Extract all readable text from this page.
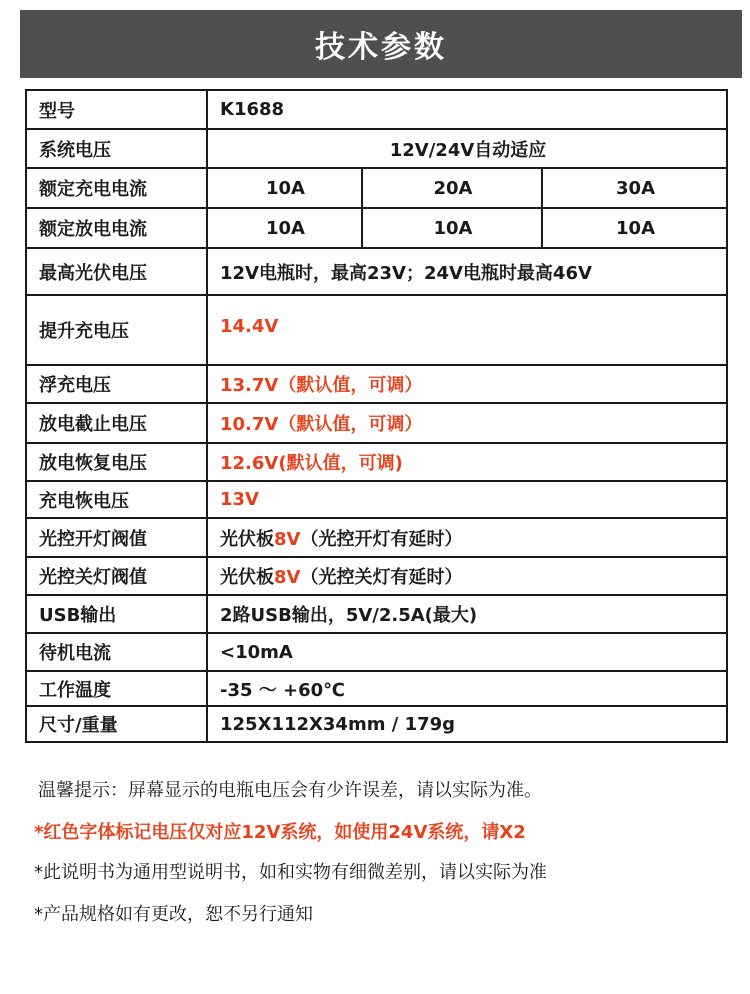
技术参数
型号	K1688		
系统电压	12V/24V自动适应		
额定充电电流	10A	20A	30A
额定放电电流	10A	10A	10A
最高光伏电压	12V电瓶时，最高23V；24V电瓶时最高46V		
提升充电压	14.4V		
浮充电压	13.7V（默认值，可调）		
放电截止电压	10.7V（默认值，可调）		
放电恢复电压	12.6V(默认值，可调)		
充电恢电压	13V		
光控开灯阀值	光伏板8V（光控开灯有延时）		
光控关灯阀值	光伏板8V（光控关灯有延时）		
USB输出	2路USB输出，5V/2.5A(最大)		
待机电流	<10mA		
工作温度	-35 ～ +60℃		
尺寸/重量	125X112X34mm / 179g		
温馨提示：屏幕显示的电瓶电压会有少许误差，请以实际为准。
*红色字体标记电压仅对应12V系统，如使用24V系统，请X2
*此说明书为通用型说明书，如和实物有细微差别，请以实际为准
*产品规格如有更改，恕不另行通知
